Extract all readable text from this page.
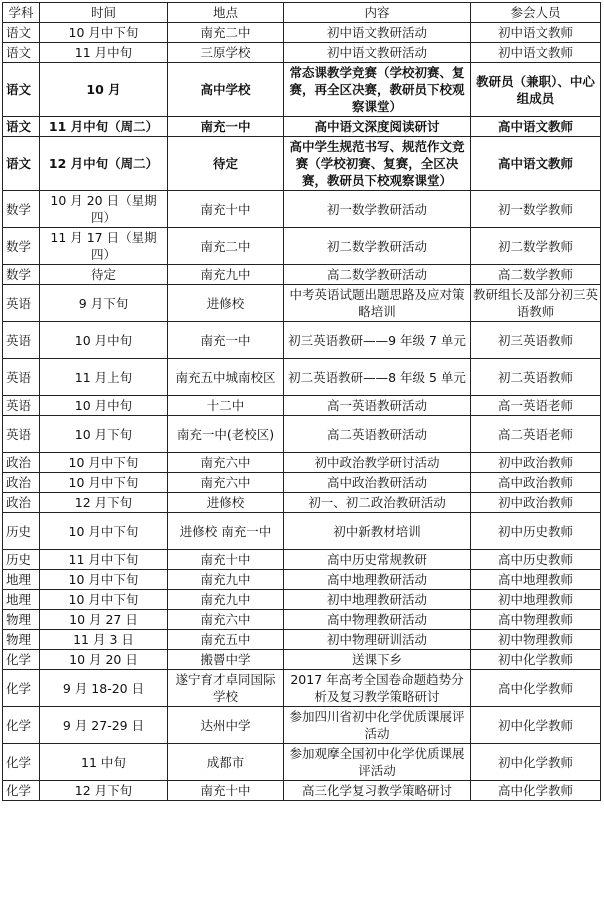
学科	时间	地点	内容	参会人员
语文	10 月中下旬	南充二中	初中语文教研活动	初中语文教师
语文	11 月中旬	三原学校	初中语文教研活动	初中语文教师
语文	10 月	高中学校	常态课教学竞赛（学校初赛、复赛，再全区决赛，教研员下校观察课堂）	教研员（兼职）、中心组成员
语文	11 月中旬（周二）	南充一中	高中语文深度阅读研讨	高中语文教师
语文	12 月中旬（周二）	待定	高中学生规范书写、规范作文竞赛（学校初赛、复赛，全区决赛，教研员下校观察课堂）	高中语文教师
数学	10 月 20 日（星期四）	南充十中	初一数学教研活动	初一数学教师
数学	11 月 17 日（星期四）	南充二中	初二数学教研活动	初二数学教师
数学	待定	南充九中	高二数学教研活动	高二数学教师
英语	9 月下旬	进修校	中考英语试题出题思路及应对策略培训	教研组长及部分初三英语教师
英语	10 月中旬	南充一中	初三英语教研——9 年级 7 单元	初三英语教师
英语	11 月上旬	南充五中城南校区	初二英语教研——8 年级 5 单元	初二英语教师
英语	10 月中旬	十二中	高一英语教研活动	高一英语老师
英语	10 月下旬	南充一中(老校区)	高二英语教研活动	高二英语老师
政治	10 月中下旬	南充六中	初中政治教学研讨活动	初中政治教师
政治	10 月中下旬	南充六中	高中政治教研活动	高中政治教师
政治	12 月下旬	进修校	初一、初二政治教研活动	初中政治教师
历史	10 月中下旬	进修校 南充一中	初中新教材培训	初中历史教师
历史	11 月中下旬	南充十中	高中历史常规教研	高中历史教师
地理	10 月中下旬	南充九中	高中地理教研活动	高中地理教师
地理	10 月中下旬	南充九中	初中地理教研活动	初中地理教师
物理	10 月 27 日	南充六中	高中物理教研活动	高中物理教师
物理	11 月 3 日	南充五中	初中物理研训活动	初中物理教师
化学	10 月 20 日	搬罾中学	送课下乡	初中化学教师
化学	9 月 18-20 日	遂宁育才卓同国际学校	2017 年高考全国卷命题趋势分析及复习教学策略研讨	高中化学教师
化学	9 月 27-29 日	达州中学	参加四川省初中化学优质课展评活动	初中化学教师
化学	11 中旬	成都市	参加观摩全国初中化学优质课展评活动	初中化学教师
化学	12 月下旬	南充十中	高三化学复习教学策略研讨	高中化学教师
